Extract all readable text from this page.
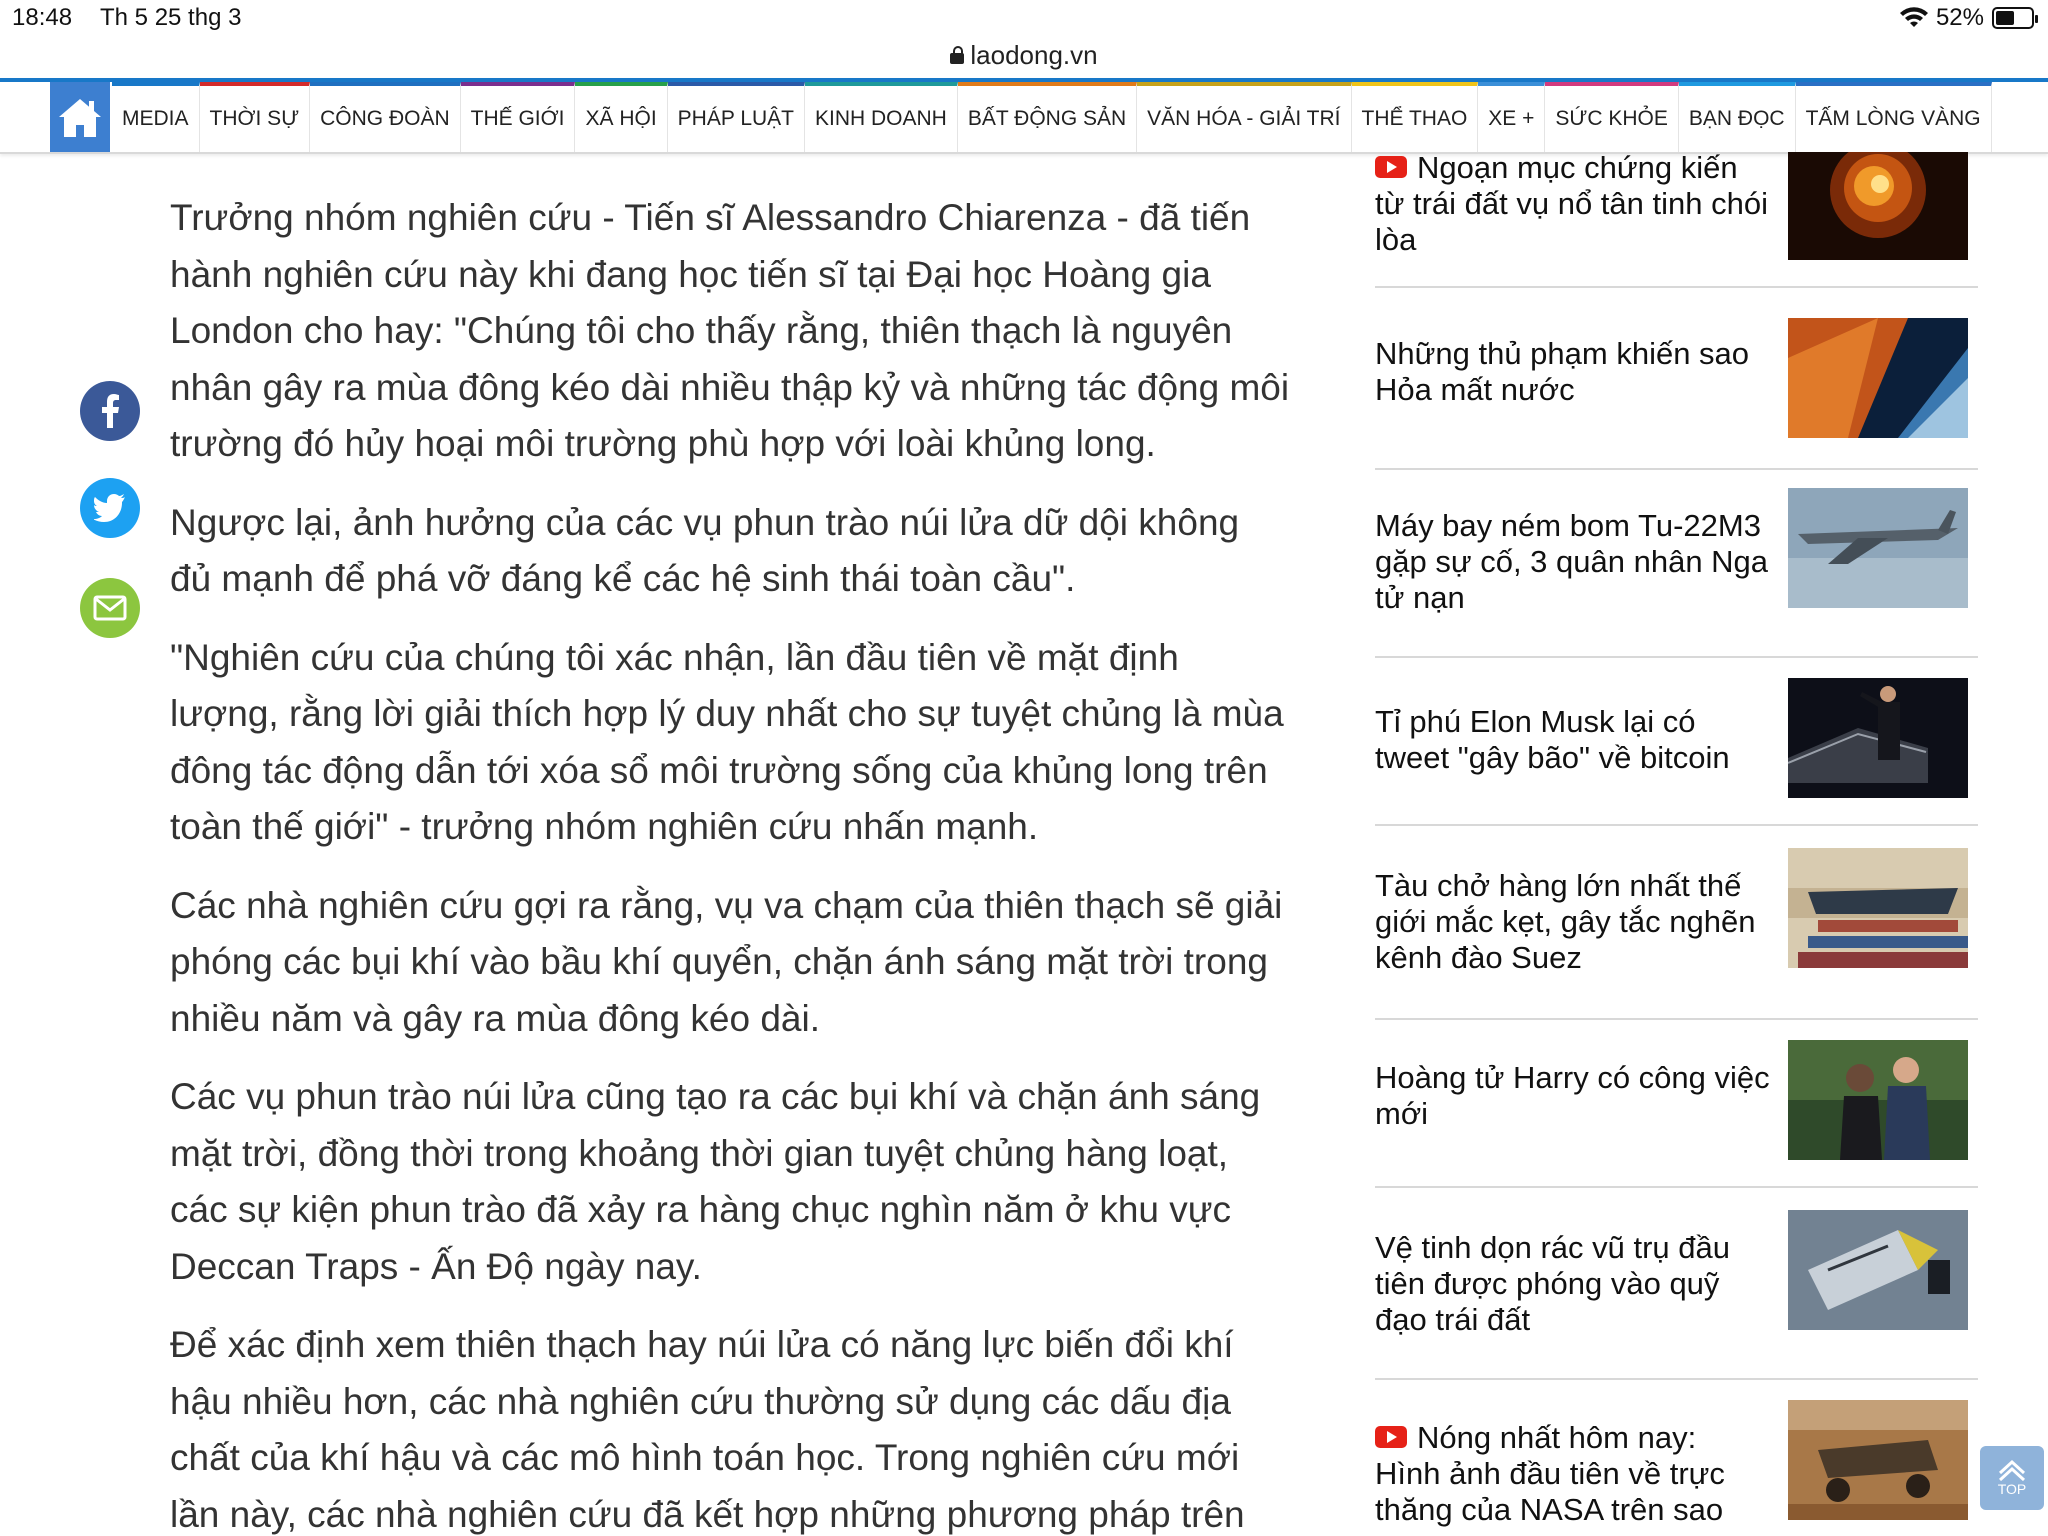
18:48 Th 5 25 thg 3	52%
laodong.vn
MEDIA	THỜI SỰ	CÔNG ĐOÀN	THẾ GIỚI	XÃ HỘI	PHÁP LUẬT	KINH DOANH	BẤT ĐỘNG SẢN	VĂN HÓA - GIẢI TRÍ	THỂ THAO	XE +	SỨC KHỎE	BẠN ĐỌC	TẤM LÒNG VÀNG

Trưởng nhóm nghiên cứu - Tiến sĩ Alessandro Chiarenza - đã tiến hành nghiên cứu này khi đang học tiến sĩ tại Đại học Hoàng gia London cho hay: "Chúng tôi cho thấy rằng, thiên thạch là nguyên nhân gây ra mùa đông kéo dài nhiều thập kỷ và những tác động môi trường đó hủy hoại môi trường phù hợp với loài khủng long.

Ngược lại, ảnh hưởng của các vụ phun trào núi lửa dữ dội không đủ mạnh để phá vỡ đáng kể các hệ sinh thái toàn cầu".

"Nghiên cứu của chúng tôi xác nhận, lần đầu tiên về mặt định lượng, rằng lời giải thích hợp lý duy nhất cho sự tuyệt chủng là mùa đông tác động dẫn tới xóa sổ môi trường sống của khủng long trên toàn thế giới" - trưởng nhóm nghiên cứu nhấn mạnh.

Các nhà nghiên cứu gợi ra rằng, vụ va chạm của thiên thạch sẽ giải phóng các bụi khí vào bầu khí quyển, chặn ánh sáng mặt trời trong nhiều năm và gây ra mùa đông kéo dài.

Các vụ phun trào núi lửa cũng tạo ra các bụi khí và chặn ánh sáng mặt trời, đồng thời trong khoảng thời gian tuyệt chủng hàng loạt, các sự kiện phun trào đã xảy ra hàng chục nghìn năm ở khu vực Deccan Traps - Ấn Độ ngày nay.

Để xác định xem thiên thạch hay núi lửa có năng lực biến đổi khí hậu nhiều hơn, các nhà nghiên cứu thường sử dụng các dấu địa chất của khí hậu và các mô hình toán học. Trong nghiên cứu mới lần này, các nhà nghiên cứu đã kết hợp những phương pháp trên

Ngoạn mục chứng kiến từ trái đất vụ nổ tân tinh chói lòa
Những thủ phạm khiến sao Hỏa mất nước
Máy bay ném bom Tu-22M3 gặp sự cố, 3 quân nhân Nga tử nạn
Tỉ phú Elon Musk lại có tweet "gây bão" về bitcoin
Tàu chở hàng lớn nhất thế giới mắc kẹt, gây tắc nghẽn kênh đào Suez
Hoàng tử Harry có công việc mới
Vệ tinh dọn rác vũ trụ đầu tiên được phóng vào quỹ đạo trái đất
Nóng nhất hôm nay: Hình ảnh đầu tiên về trực thăng của NASA trên sao
TOP
